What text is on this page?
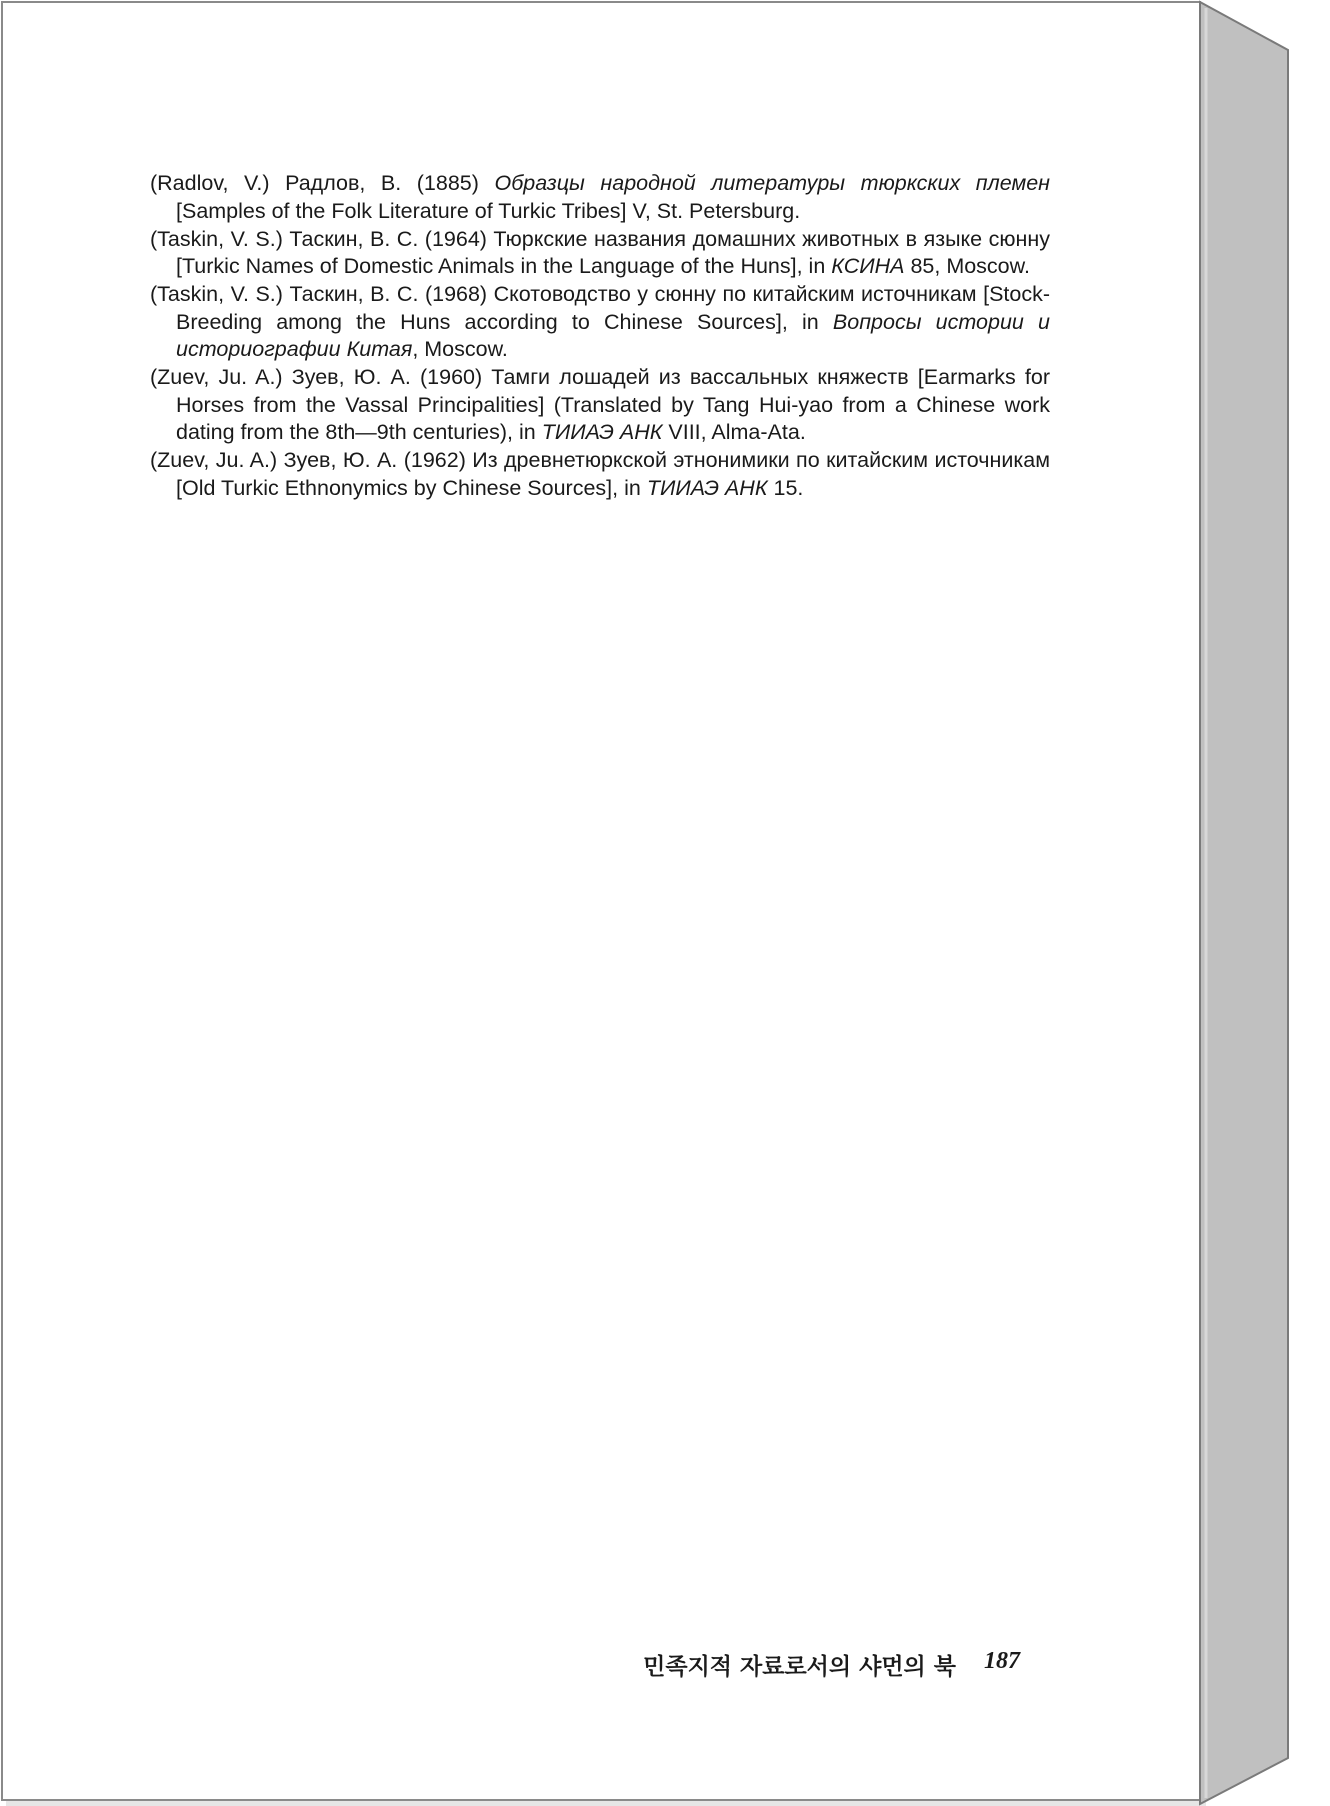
(Radlov, V.) Радлов, В. (1885) Образцы народной литературы тюркских племен [Samples of the Folk Literature of Turkic Tribes] V, St. Petersburg.

(Taskin, V. S.) Таскин, В. С. (1964) Тюркские названия домашних животных в языке сюнну [Turkic Names of Domestic Animals in the Language of the Huns], in КСИНА 85, Moscow.

(Taskin, V. S.) Таскин, В. С. (1968) Скотоводство у сюнну по китайским источникам [Stock-Breeding among the Huns according to Chinese Sources], in Вопросы истории и историографии Китая, Moscow.

(Zuev, Ju. A.) Зуев, Ю. А. (1960) Тамги лошадей из вассальных княжеств [Earmarks for Horses from the Vassal Principalities] (Translated by Tang Hui-yao from a Chinese work dating from the 8th—9th centuries), in ТИИАЭ АНК VIII, Alma-Ata.

(Zuev, Ju. A.) Зуев, Ю. А. (1962) Из древнетюркской этнонимики по китайским источникам [Old Turkic Ethnonymics by Chinese Sources], in ТИИАЭ АНК 15.

민족지적 자료로서의 샤먼의 북 187
